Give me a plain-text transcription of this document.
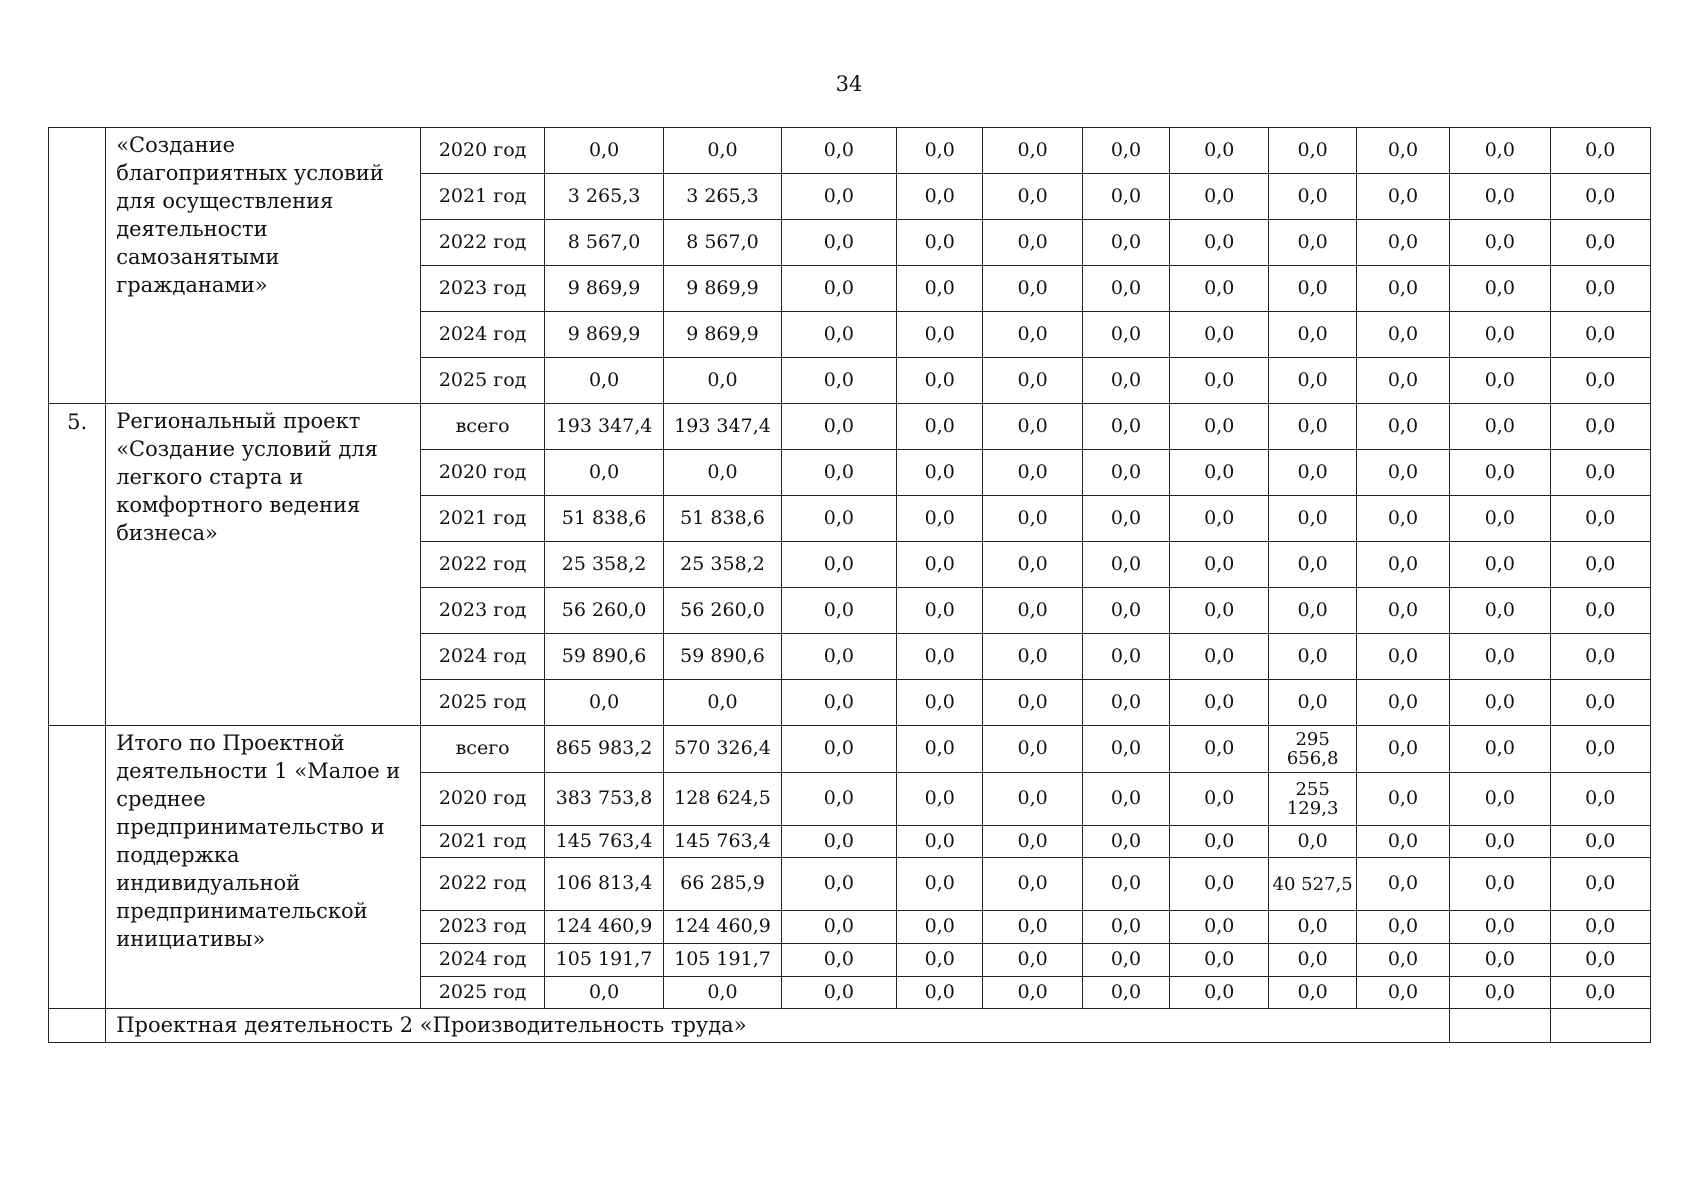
34
	«Создание благоприятных условий для осуществления деятельности самозанятыми гражданами»	2020 год	0,0	0,0	0,0	0,0	0,0	0,0	0,0	0,0	0,0	0,0	0,0
		2021 год	3 265,3	3 265,3	0,0	0,0	0,0	0,0	0,0	0,0	0,0	0,0	0,0
		2022 год	8 567,0	8 567,0	0,0	0,0	0,0	0,0	0,0	0,0	0,0	0,0	0,0
		2023 год	9 869,9	9 869,9	0,0	0,0	0,0	0,0	0,0	0,0	0,0	0,0	0,0
		2024 год	9 869,9	9 869,9	0,0	0,0	0,0	0,0	0,0	0,0	0,0	0,0	0,0
		2025 год	0,0	0,0	0,0	0,0	0,0	0,0	0,0	0,0	0,0	0,0	0,0
5.	Региональный проект «Создание условий для легкого старта и комфортного ведения бизнеса»	всего	193 347,4	193 347,4	0,0	0,0	0,0	0,0	0,0	0,0	0,0	0,0	0,0
		2020 год	0,0	0,0	0,0	0,0	0,0	0,0	0,0	0,0	0,0	0,0	0,0
		2021 год	51 838,6	51 838,6	0,0	0,0	0,0	0,0	0,0	0,0	0,0	0,0	0,0
		2022 год	25 358,2	25 358,2	0,0	0,0	0,0	0,0	0,0	0,0	0,0	0,0	0,0
		2023 год	56 260,0	56 260,0	0,0	0,0	0,0	0,0	0,0	0,0	0,0	0,0	0,0
		2024 год	59 890,6	59 890,6	0,0	0,0	0,0	0,0	0,0	0,0	0,0	0,0	0,0
		2025 год	0,0	0,0	0,0	0,0	0,0	0,0	0,0	0,0	0,0	0,0	0,0
	Итого по Проектной деятельности 1 «Малое и среднее предпринимательство и поддержка индивидуальной предпринимательской инициативы»	всего	865 983,2	570 326,4	0,0	0,0	0,0	0,0	0,0	295 656,8	0,0	0,0	0,0
		2020 год	383 753,8	128 624,5	0,0	0,0	0,0	0,0	0,0	255 129,3	0,0	0,0	0,0
		2021 год	145 763,4	145 763,4	0,0	0,0	0,0	0,0	0,0	0,0	0,0	0,0	0,0
		2022 год	106 813,4	66 285,9	0,0	0,0	0,0	0,0	0,0	40 527,5	0,0	0,0	0,0
		2023 год	124 460,9	124 460,9	0,0	0,0	0,0	0,0	0,0	0,0	0,0	0,0	0,0
		2024 год	105 191,7	105 191,7	0,0	0,0	0,0	0,0	0,0	0,0	0,0	0,0	0,0
		2025 год	0,0	0,0	0,0	0,0	0,0	0,0	0,0	0,0	0,0	0,0	0,0
	Проектная деятельность 2 «Производительность труда»												
